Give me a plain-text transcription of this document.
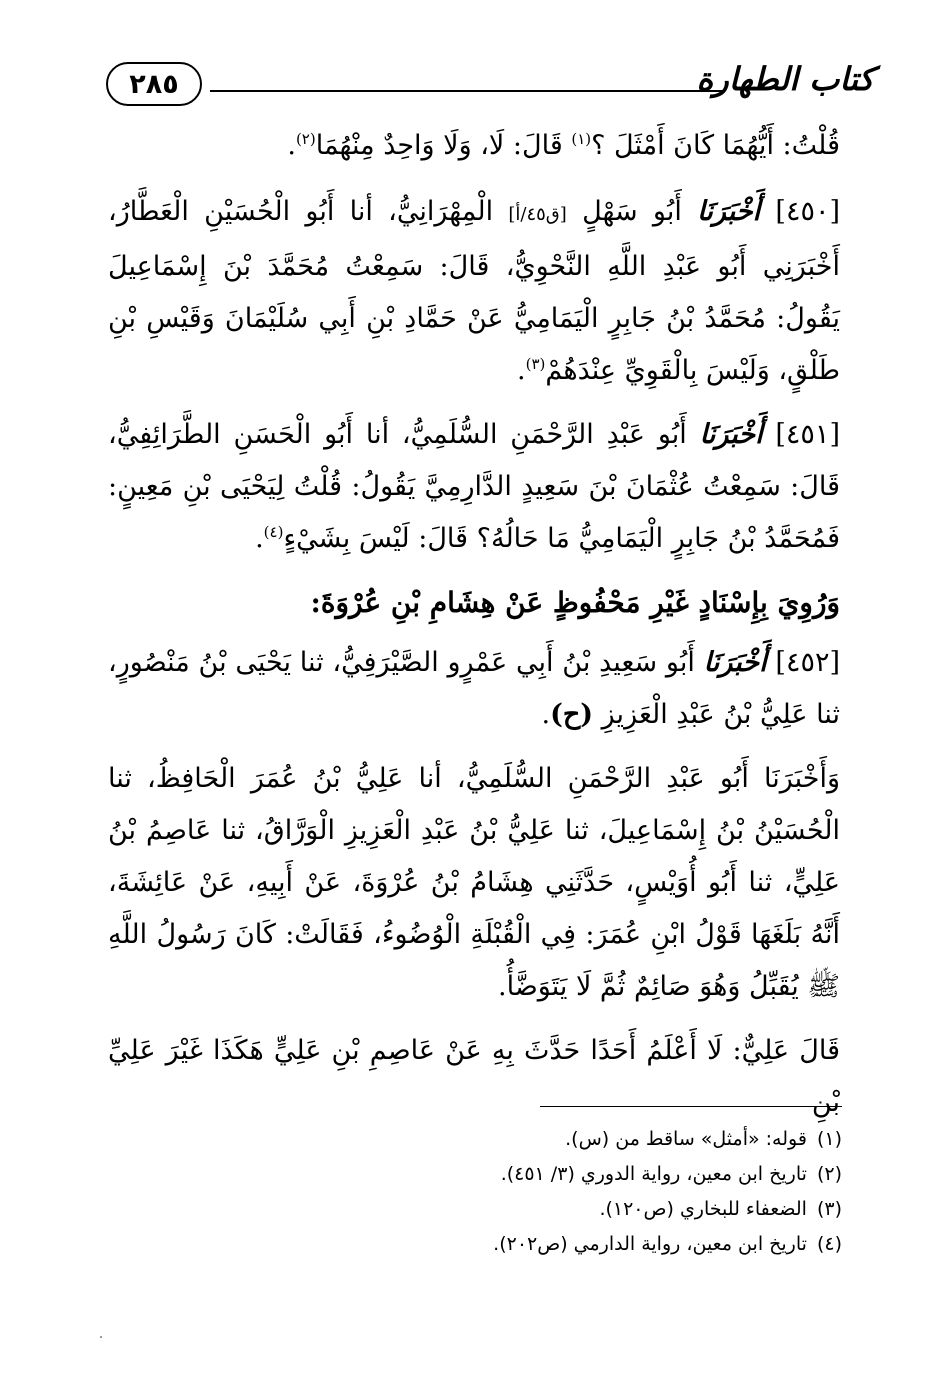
٢٨٥	كتاب الطهارة

قُلْتُ: أَيُّهُمَا كَانَ أَمْثَلَ ؟$^{(١)}$ قَالَ: لَا، وَلَا وَاحِدٌ مِنْهُمَا$^{(٢)}$.

[٤٥٠] أَخْبَرَنَا أَبُو سَهْلٍ [ق٤٥/أ] الْمِهْرَانِيُّ، أنا أَبُو الْحُسَيْنِ الْعَطَّارُ، أَخْبَرَنِي أَبُو عَبْدِ اللَّهِ النَّحْوِيُّ، قَالَ: سَمِعْتُ مُحَمَّدَ بْنَ إِسْمَاعِيلَ يَقُولُ: مُحَمَّدُ بْنُ جَابِرٍ الْيَمَامِيُّ عَنْ حَمَّادِ بْنِ أَبِي سُلَيْمَانَ وَقَيْسِ بْنِ طَلْقٍ، وَلَيْسَ بِالْقَوِيِّ عِنْدَهُمْ$^{(٣)}$.

[٤٥١] أَخْبَرَنَا أَبُو عَبْدِ الرَّحْمَنِ السُّلَمِيُّ، أنا أَبُو الْحَسَنِ الطَّرَائِفِيُّ، قَالَ: سَمِعْتُ عُثْمَانَ بْنَ سَعِيدٍ الدَّارِمِيَّ يَقُولُ: قُلْتُ لِيَحْيَى بْنِ مَعِينٍ: فَمُحَمَّدُ بْنُ جَابِرٍ الْيَمَامِيُّ مَا حَالُهُ؟ قَالَ: لَيْسَ بِشَيْءٍ$^{(٤)}$.

وَرُوِيَ بِإِسْنَادٍ غَيْرِ مَحْفُوظٍ عَنْ هِشَامِ بْنِ عُرْوَةَ:

[٤٥٢] أَخْبَرَنَا أَبُو سَعِيدِ بْنُ أَبِي عَمْرٍو الصَّيْرَفِيُّ، ثنا يَحْيَى بْنُ مَنْصُورٍ، ثنا عَلِيُّ بْنُ عَبْدِ الْعَزِيزِ (ح).

وَأَخْبَرَنَا أَبُو عَبْدِ الرَّحْمَنِ السُّلَمِيُّ، أنا عَلِيُّ بْنُ عُمَرَ الْحَافِظُ، ثنا الْحُسَيْنُ بْنُ إِسْمَاعِيلَ، ثنا عَلِيُّ بْنُ عَبْدِ الْعَزِيزِ الْوَرَّاقُ، ثنا عَاصِمُ بْنُ عَلِيٍّ، ثنا أَبُو أُوَيْسٍ، حَدَّثَنِي هِشَامُ بْنُ عُرْوَةَ، عَنْ أَبِيهِ، عَنْ عَائِشَةَ، أَنَّهُ بَلَغَهَا قَوْلُ ابْنِ عُمَرَ: فِي الْقُبْلَةِ الْوُضُوءُ، فَقَالَتْ: كَانَ رَسُولُ اللَّهِ ﷺ يُقَبِّلُ وَهُوَ صَائِمٌ ثُمَّ لَا يَتَوَضَّأُ.

قَالَ عَلِيٌّ: لَا أَعْلَمُ أَحَدًا حَدَّثَ بِهِ عَنْ عَاصِمِ بْنِ عَلِيٍّ هَكَذَا غَيْرَ عَلِيِّ بْنِ

(١)قوله: «أمثل» ساقط من (س).
(٢)تاريخ ابن معين، رواية الدوري (٣/ ٤٥١).
(٣)الضعفاء للبخاري (ص١٢٠).
(٤)تاريخ ابن معين، رواية الدارمي (ص٢٠٢).
